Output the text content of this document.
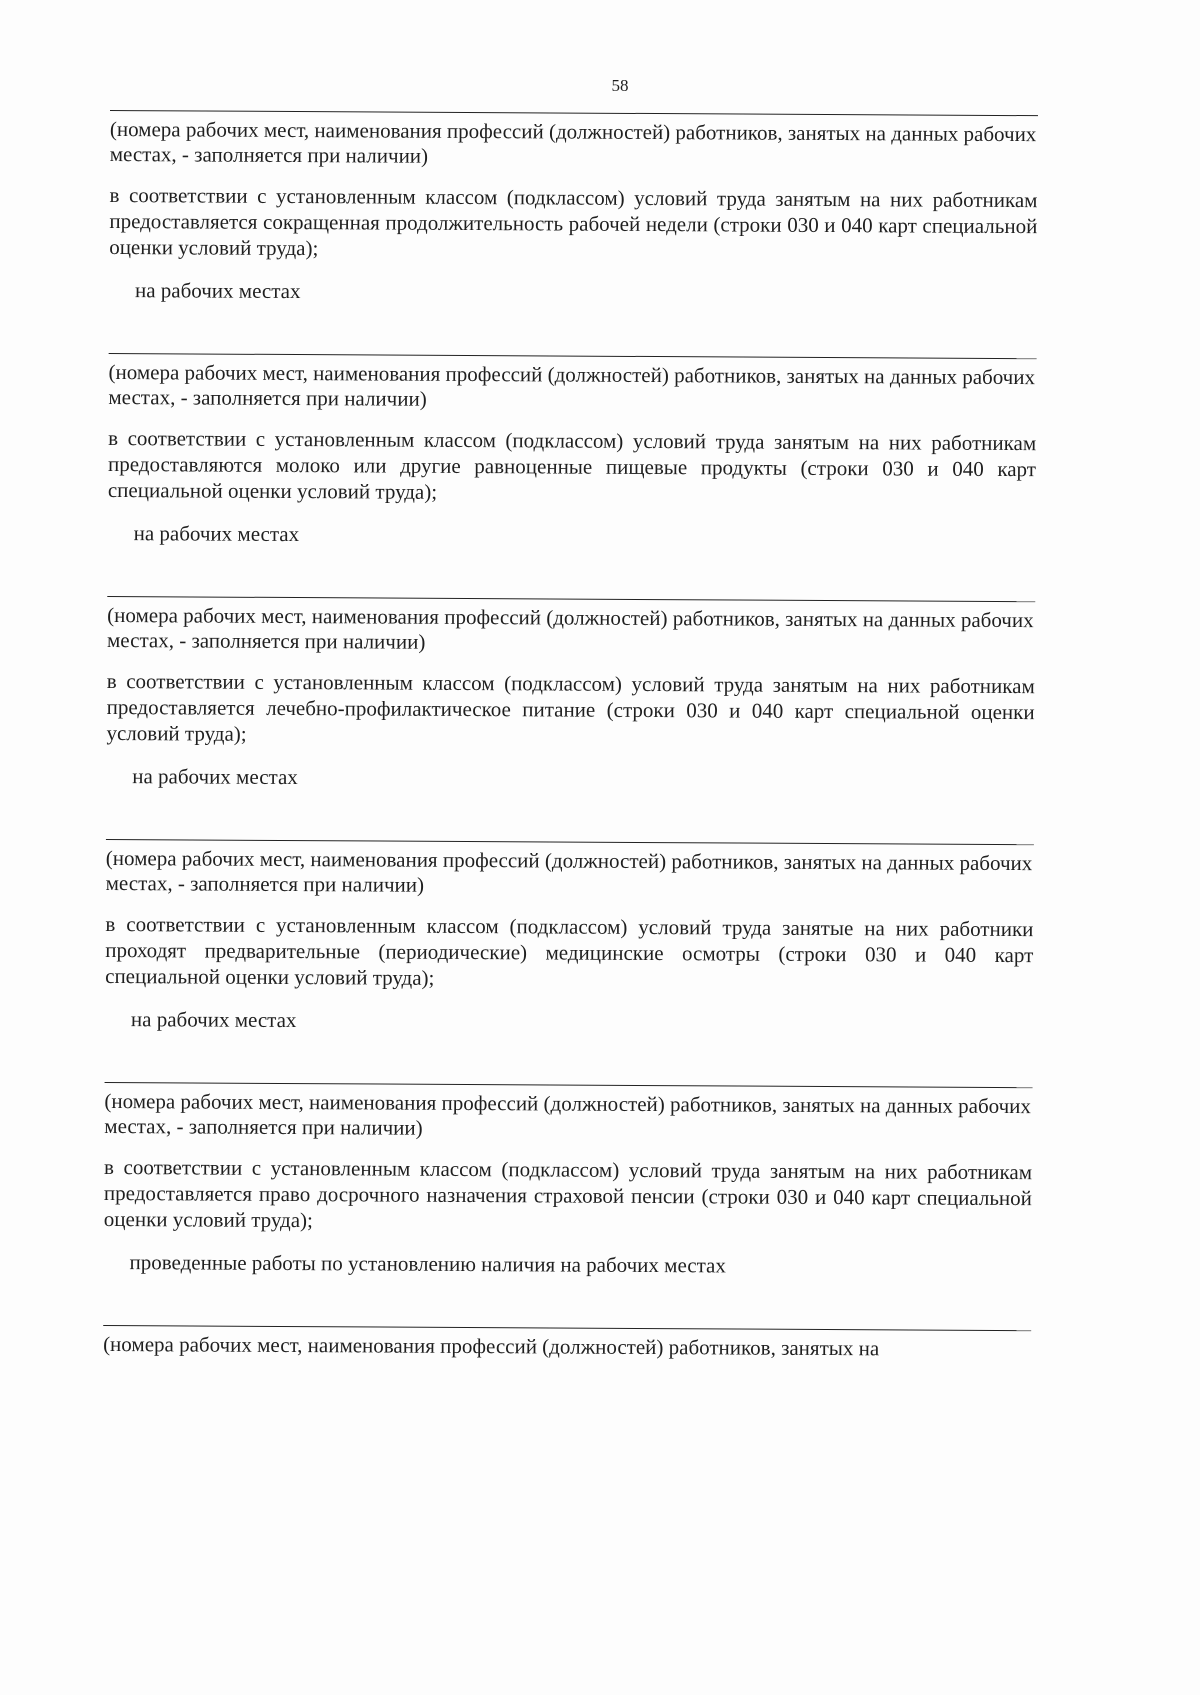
58

(номера рабочих мест, наименования профессий (должностей) работников, занятых на данных рабочих местах, - заполняется при наличии)

в соответствии с установленным классом (подклассом) условий труда занятым на них работникам предоставляется сокращенная продолжительность рабочей недели (строки 030 и 040 карт специальной оценки условий труда);

на рабочих местах

(номера рабочих мест, наименования профессий (должностей) работников, занятых на данных рабочих местах, - заполняется при наличии)

в соответствии с установленным классом (подклассом) условий труда занятым на них работникам предоставляются молоко или другие равноценные пищевые продукты (строки 030 и 040 карт специальной оценки условий труда);

на рабочих местах

(номера рабочих мест, наименования профессий (должностей) работников, занятых на данных рабочих местах, - заполняется при наличии)

в соответствии с установленным классом (подклассом) условий труда занятым на них работникам предоставляется лечебно-профилактическое питание (строки 030 и 040 карт специальной оценки условий труда);

на рабочих местах

(номера рабочих мест, наименования профессий (должностей) работников, занятых на данных рабочих местах, - заполняется при наличии)

в соответствии с установленным классом (подклассом) условий труда занятые на них работники проходят предварительные (периодические) медицинские осмотры (строки 030 и 040 карт специальной оценки условий труда);

на рабочих местах

(номера рабочих мест, наименования профессий (должностей) работников, занятых на данных рабочих местах, - заполняется при наличии)

в соответствии с установленным классом (подклассом) условий труда занятым на них работникам предоставляется право досрочного назначения страховой пенсии (строки 030 и 040 карт специальной оценки условий труда);

проведенные работы по установлению наличия на рабочих местах

(номера рабочих мест, наименования профессий (должностей) работников, занятых на
